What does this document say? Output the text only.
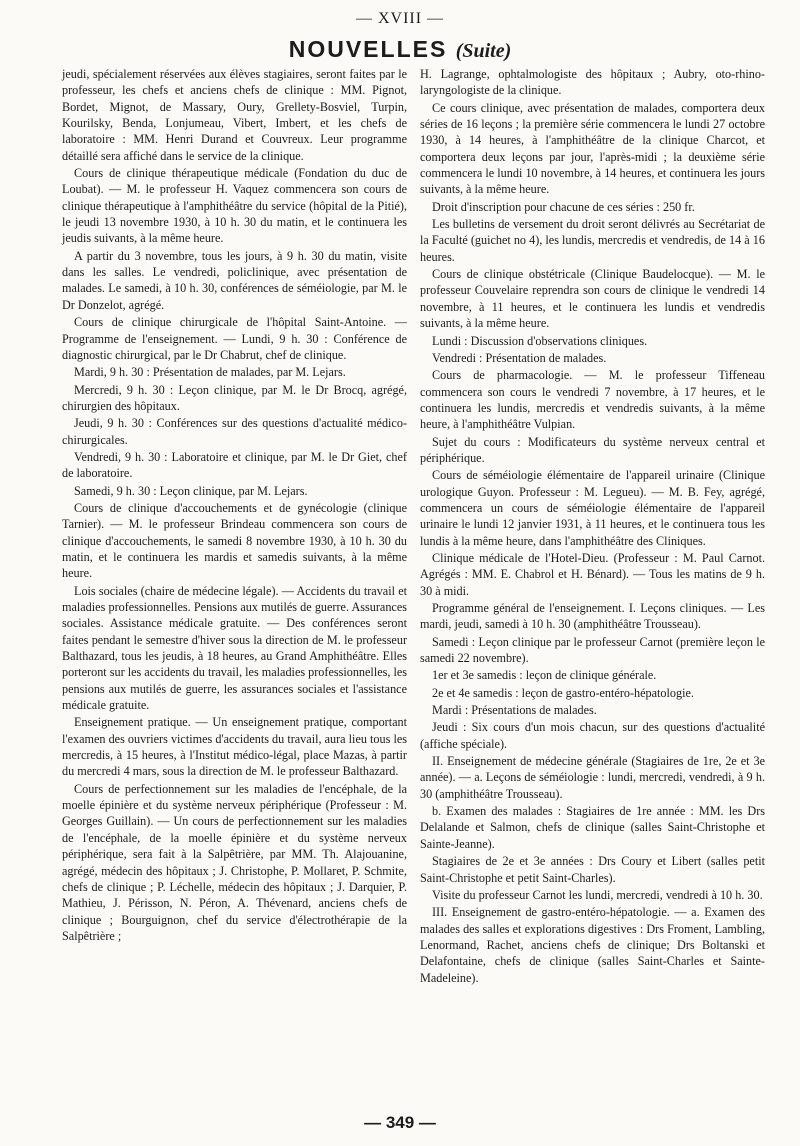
— XVIII —
NOUVELLES (Suite)

jeudi, spécialement réservées aux élèves stagiaires, seront faites par le professeur, les chefs et anciens chefs de clinique : MM. Pignot, Bordet, Mignot, de Massary, Oury, Grellety-Bosviel, Turpin, Kourilsky, Benda, Lonjumeau, Vibert, Imbert, et les chefs de laboratoire : MM. Henri Durand et Couvreux. Leur programme détaillé sera affiché dans le service de la clinique.

Cours de clinique thérapeutique médicale (Fondation du duc de Loubat). — M. le professeur H. Vaquez commencera son cours de clinique thérapeutique à l'amphithéâtre du service (hôpital de la Pitié), le jeudi 13 novembre 1930, à 10 h. 30 du matin, et le continuera les jeudis suivants, à la même heure.

A partir du 3 novembre, tous les jours, à 9 h. 30 du matin, visite dans les salles. Le vendredi, policlinique, avec présentation de malades. Le samedi, à 10 h. 30, conférences de séméiologie, par M. le Dr Donzelot, agrégé.

Cours de clinique chirurgicale de l'hôpital Saint-Antoine. — Programme de l'enseignement. — Lundi, 9 h. 30 : Conférence de diagnostic chirurgical, par le Dr Chabrut, chef de clinique.

Mardi, 9 h. 30 : Présentation de malades, par M. Lejars.

Mercredi, 9 h. 30 : Leçon clinique, par M. le Dr Brocq, agrégé, chirurgien des hôpitaux.

Jeudi, 9 h. 30 : Conférences sur des questions d'actualité médico-chirurgicales.

Vendredi, 9 h. 30 : Laboratoire et clinique, par M. le Dr Giet, chef de laboratoire.

Samedi, 9 h. 30 : Leçon clinique, par M. Lejars.

Cours de clinique d'accouchements et de gynécologie (clinique Tarnier). — M. le professeur Brindeau commencera son cours de clinique d'accouchements, le samedi 8 novembre 1930, à 10 h. 30 du matin, et le continuera les mardis et samedis suivants, à la même heure.

Lois sociales (chaire de médecine légale). — Accidents du travail et maladies professionnelles. Pensions aux mutilés de guerre. Assurances sociales. Assistance médicale gratuite. — Des conférences seront faites pendant le semestre d'hiver sous la direction de M. le professeur Balthazard, tous les jeudis, à 18 heures, au Grand Amphithéâtre. Elles porteront sur les accidents du travail, les maladies professionnelles, les pensions aux mutilés de guerre, les assurances sociales et l'assistance médicale gratuite.

Enseignement pratique. — Un enseignement pratique, comportant l'examen des ouvriers victimes d'accidents du travail, aura lieu tous les mercredis, à 15 heures, à l'Institut médico-légal, place Mazas, à partir du mercredi 4 mars, sous la direction de M. le professeur Balthazard.

Cours de perfectionnement sur les maladies de l'encéphale, de la moelle épinière et du système nerveux périphérique (Professeur : M. Georges Guillain). — Un cours de perfectionnement sur les maladies de l'encéphale, de la moelle épinière et du système nerveux périphérique, sera fait à la Salpêtrière, par MM. Th. Alajouanine, agrégé, médecin des hôpitaux ; J. Christophe, P. Mollaret, P. Schmite, chefs de clinique ; P. Léchelle, médecin des hôpitaux ; J. Darquier, P. Mathieu, J. Périsson, N. Péron, A. Thévenard, anciens chefs de clinique ; Bourguignon, chef du service d'électrothérapie de la Salpêtrière ;

H. Lagrange, ophtalmologiste des hôpitaux ; Aubry, oto-rhino-laryngologiste de la clinique.

Ce cours clinique, avec présentation de malades, comportera deux séries de 16 leçons ; la première série commencera le lundi 27 octobre 1930, à 14 heures, à l'amphithéâtre de la clinique Charcot, et comportera deux leçons par jour, l'après-midi ; la deuxième série commencera le lundi 10 novembre, à 14 heures, et continuera les jours suivants, à la même heure.

Droit d'inscription pour chacune de ces séries : 250 fr.

Les bulletins de versement du droit seront délivrés au Secrétariat de la Faculté (guichet no 4), les lundis, mercredis et vendredis, de 14 à 16 heures.

Cours de clinique obstétricale (Clinique Baudelocque). — M. le professeur Couvelaire reprendra son cours de clinique le vendredi 14 novembre, à 11 heures, et le continuera les lundis et vendredis suivants, à la même heure.

Lundi : Discussion d'observations cliniques.

Vendredi : Présentation de malades.

Cours de pharmacologie. — M. le professeur Tiffeneau commencera son cours le vendredi 7 novembre, à 17 heures, et le continuera les lundis, mercredis et vendredis suivants, à la même heure, à l'amphithéâtre Vulpian.

Sujet du cours : Modificateurs du système nerveux central et périphérique.

Cours de séméiologie élémentaire de l'appareil urinaire (Clinique urologique Guyon. Professeur : M. Legueu). — M. B. Fey, agrégé, commencera un cours de séméiologie élémentaire de l'appareil urinaire le lundi 12 janvier 1931, à 11 heures, et le continuera tous les lundis à la même heure, dans l'amphithéâtre des Cliniques.

Clinique médicale de l'Hotel-Dieu. (Professeur : M. Paul Carnot. Agrégés : MM. E. Chabrol et H. Bénard). — Tous les matins de 9 h. 30 à midi.

Programme général de l'enseignement. I. Leçons cliniques. — Les mardi, jeudi, samedi à 10 h. 30 (amphithéâtre Trousseau).

Samedi : Leçon clinique par le professeur Carnot (première leçon le samedi 22 novembre).

1er et 3e samedis : leçon de clinique générale.

2e et 4e samedis : leçon de gastro-entéro-hépatologie.

Mardi : Présentations de malades.

Jeudi : Six cours d'un mois chacun, sur des questions d'actualité (affiche spéciale).

II. Enseignement de médecine générale (Stagiaires de 1re, 2e et 3e année). — a. Leçons de séméiologie : lundi, mercredi, vendredi, à 9 h. 30 (amphithéâtre Trousseau).

b. Examen des malades : Stagiaires de 1re année : MM. les Drs Delalande et Salmon, chefs de clinique (salles Saint-Christophe et Sainte-Jeanne).

Stagiaires de 2e et 3e années : Drs Coury et Libert (salles petit Saint-Christophe et petit Saint-Charles).

Visite du professeur Carnot les lundi, mercredi, vendredi à 10 h. 30.

III. Enseignement de gastro-entéro-hépatologie. — a. Examen des malades des salles et explorations digestives : Drs Froment, Lambling, Lenormand, Rachet, anciens chefs de clinique; Drs Boltanski et Delafontaine, chefs de clinique (salles Saint-Charles et Sainte-Madeleine).

— 349 —
